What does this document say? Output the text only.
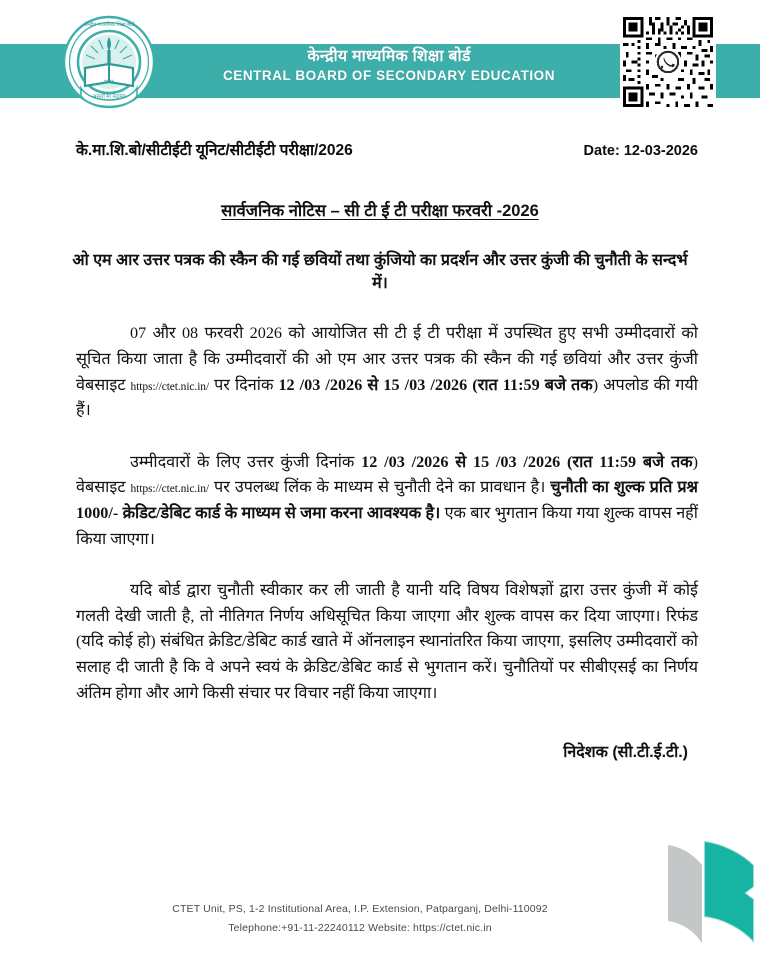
केन्द्रीय माध्यमिक शिक्षा बोर्ड
CENTRAL BOARD OF SECONDARY EDUCATION
भारत
असतो मा सद्गमय
केन्द्रीय माध्यमिक शिक्षा बोर्ड
के.मा.शि.बो/सीटीईटी यूनिट/सीटीईटी परीक्षा/2026	Date: 12-03-2026
सार्वजनिक नोटिस – सी टी ई टी परीक्षा फरवरी -2026
ओ एम आर उत्तर पत्रक की स्कैन की गई छवियों तथा कुंजियो का प्रदर्शन और उत्तर कुंजी की चुनौती के सन्दर्भ में।

07 और 08 फरवरी 2026 को आयोजित सी टी ई टी परीक्षा में उपस्थित हुए सभी उम्मीदवारों को सूचित किया जाता है कि उम्मीदवारों की ओ एम आर उत्तर पत्रक की स्कैन की गई छवियां और उत्तर कुंजी वेबसाइट https://ctet.nic.in/ पर दिनांक 12 /03 /2026 से 15 /03 /2026 (रात 11:59 बजे तक) अपलोड की गयी हैं।

उम्मीदवारों के लिए उत्तर कुंजी दिनांक 12 /03 /2026 से 15 /03 /2026 (रात 11:59 बजे तक) वेबसाइट https://ctet.nic.in/ पर उपलब्ध लिंक के माध्यम से चुनौती देने का प्रावधान है। चुनौती का शुल्क प्रति प्रश्न 1000/- क्रेडिट/डेबिट कार्ड के माध्यम से जमा करना आवश्यक है। एक बार भुगतान किया गया शुल्क वापस नहीं किया जाएगा।

यदि बोर्ड द्वारा चुनौती स्वीकार कर ली जाती है यानी यदि विषय विशेषज्ञों द्वारा उत्तर कुंजी में कोई गलती देखी जाती है, तो नीतिगत निर्णय अधिसूचित किया जाएगा और शुल्क वापस कर दिया जाएगा। रिफंड (यदि कोई हो) संबंधित क्रेडिट/डेबिट कार्ड खाते में ऑनलाइन स्थानांतरित किया जाएगा, इसलिए उम्मीदवारों को सलाह दी जाती है कि वे अपने स्वयं के क्रेडिट/डेबिट कार्ड से भुगतान करें। चुनौतियों पर सीबीएसई का निर्णय अंतिम होगा और आगे किसी संचार पर विचार नहीं किया जाएगा।

निदेशक (सी.टी.ई.टी.)
CTET Unit, PS, 1-2 Institutional Area, I.P. Extension, Patparganj, Delhi-110092
Telephone:+91-11-22240112 Website: https://ctet.nic.in
